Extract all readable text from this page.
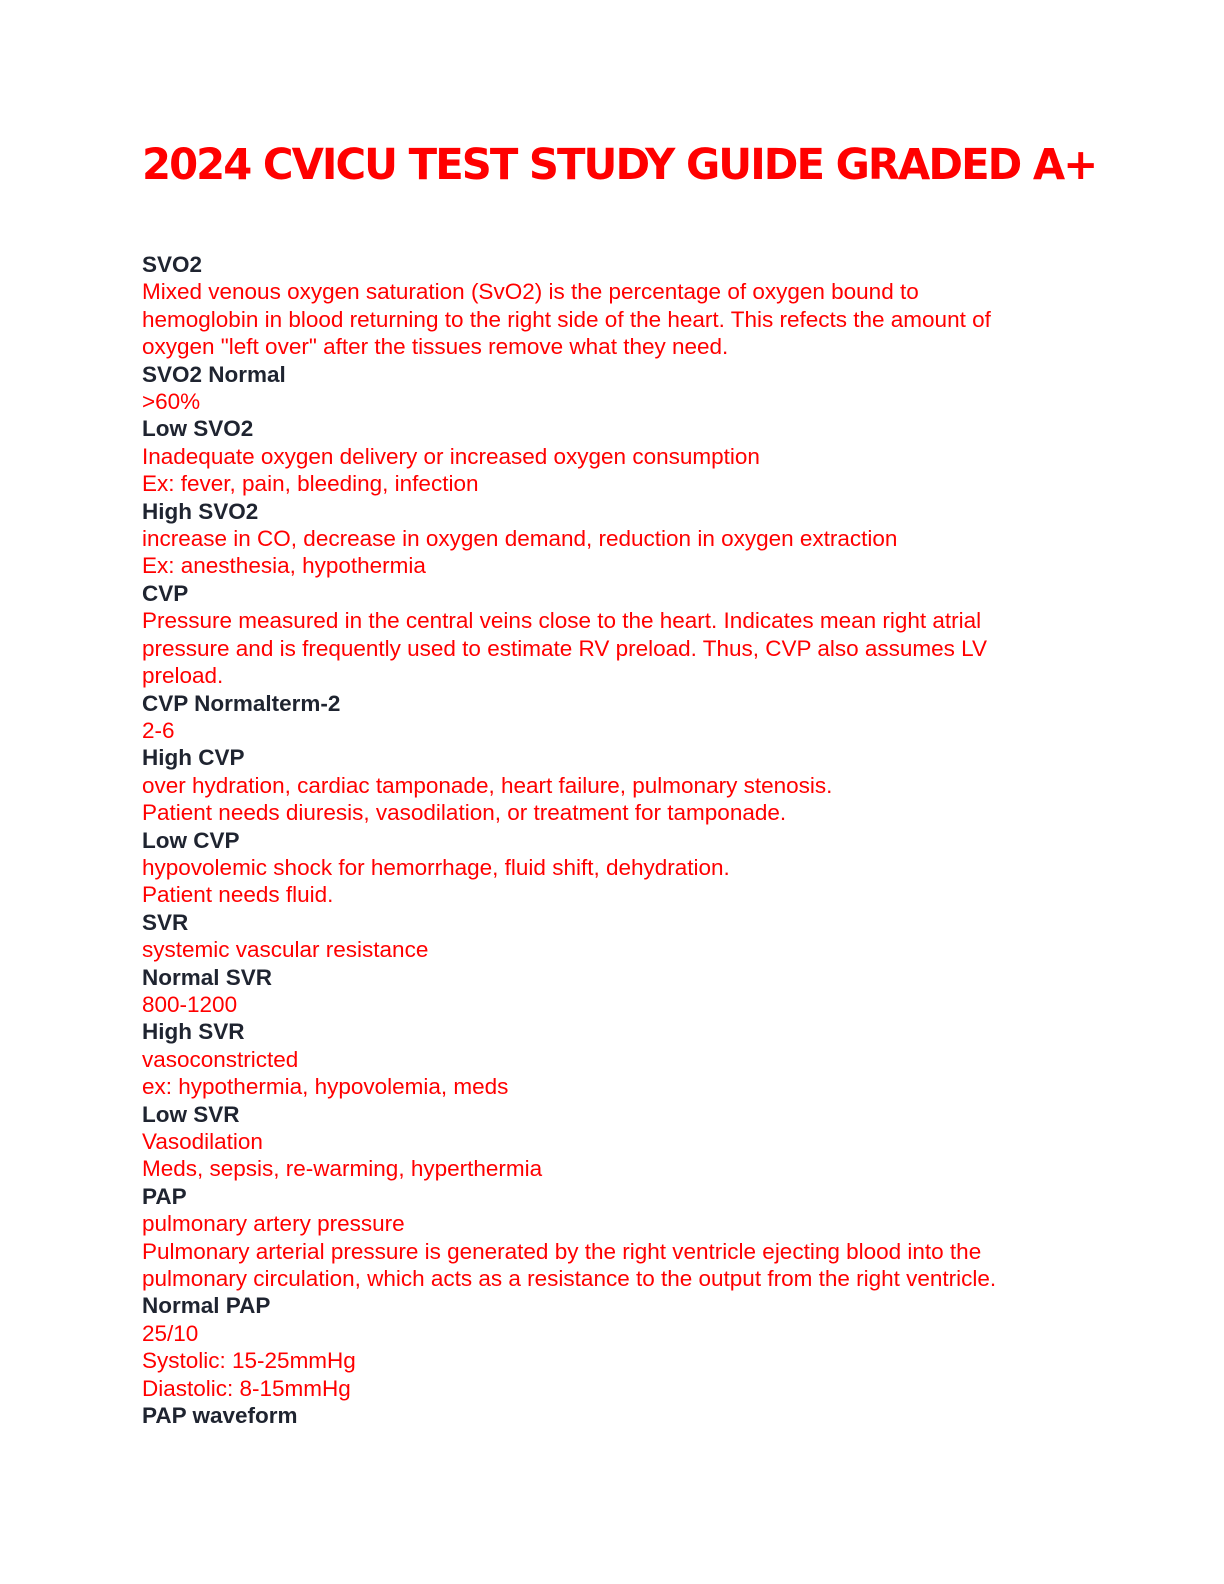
2024 CVICU TEST STUDY GUIDE GRADED A+

SVO2

Mixed venous oxygen saturation (SvO2) is the percentage of oxygen bound to

hemoglobin in blood returning to the right side of the heart. This refects the amount of

oxygen "left over" after the tissues remove what they need.

SVO2 Normal

>60%

Low SVO2

Inadequate oxygen delivery or increased oxygen consumption

Ex: fever, pain, bleeding, infection

High SVO2

increase in CO, decrease in oxygen demand, reduction in oxygen extraction

Ex: anesthesia, hypothermia

CVP

Pressure measured in the central veins close to the heart. Indicates mean right atrial

pressure and is frequently used to estimate RV preload. Thus, CVP also assumes LV

preload.

CVP Normalterm-2

2-6

High CVP

over hydration, cardiac tamponade, heart failure, pulmonary stenosis.

Patient needs diuresis, vasodilation, or treatment for tamponade.

Low CVP

hypovolemic shock for hemorrhage, fluid shift, dehydration.

Patient needs fluid.

SVR

systemic vascular resistance

Normal SVR

800-1200

High SVR

vasoconstricted

ex: hypothermia, hypovolemia, meds

Low SVR

Vasodilation

Meds, sepsis, re-warming, hyperthermia

PAP

pulmonary artery pressure

Pulmonary arterial pressure is generated by the right ventricle ejecting blood into the

pulmonary circulation, which acts as a resistance to the output from the right ventricle.

Normal PAP

25/10

Systolic: 15-25mmHg

Diastolic: 8-15mmHg

PAP waveform
